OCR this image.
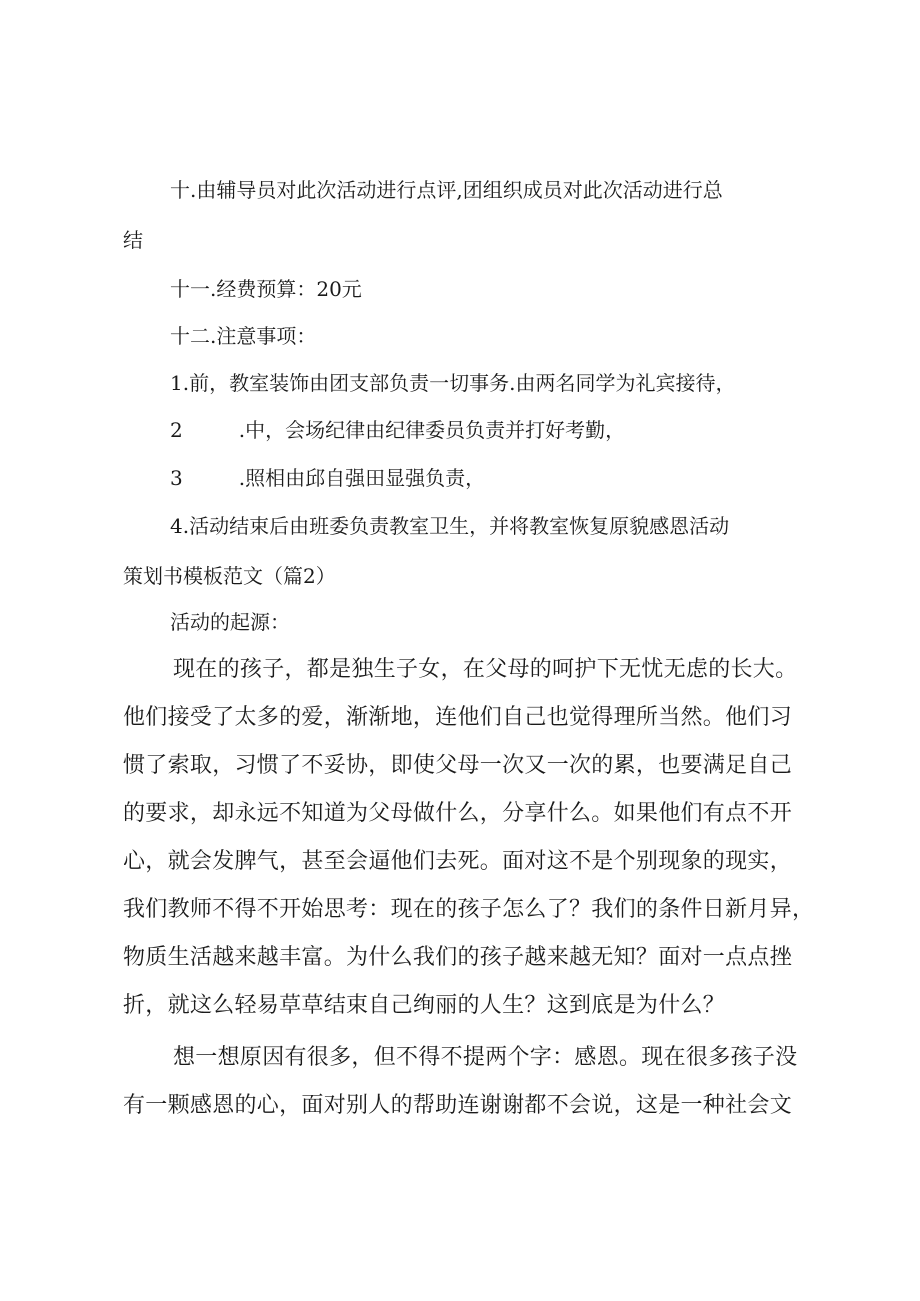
十.由辅导员对此次活动进行点评,团组织成员对此次活动进行总
结
十一.经费预算：20元
十二.注意事项：
1.前，教室装饰由团支部负责一切事务.由两名同学为礼宾接待，
2	.中，会场纪律由纪律委员负责并打好考勤，
3	.照相由邱自强田显强负责，
4.活动结束后由班委负责教室卫生，并将教室恢复原貌感恩活动
策划书模板范文（篇2）
活动的起源：
现在的孩子，都是独生子女，在父母的呵护下无忧无虑的长大。
他们接受了太多的爱，渐渐地，连他们自己也觉得理所当然。他们习
惯了索取，习惯了不妥协，即使父母一次又一次的累，也要满足自己
的要求，却永远不知道为父母做什么，分享什么。如果他们有点不开
心，就会发脾气，甚至会逼他们去死。面对这不是个别现象的现实，
我们教师不得不开始思考：现在的孩子怎么了？我们的条件日新月异，
物质生活越来越丰富。为什么我们的孩子越来越无知？面对一点点挫
折，就这么轻易草草结束自己绚丽的人生？这到底是为什么？
想一想原因有很多，但不得不提两个字：感恩。现在很多孩子没
有一颗感恩的心，面对别人的帮助连谢谢都不会说，这是一种社会文
